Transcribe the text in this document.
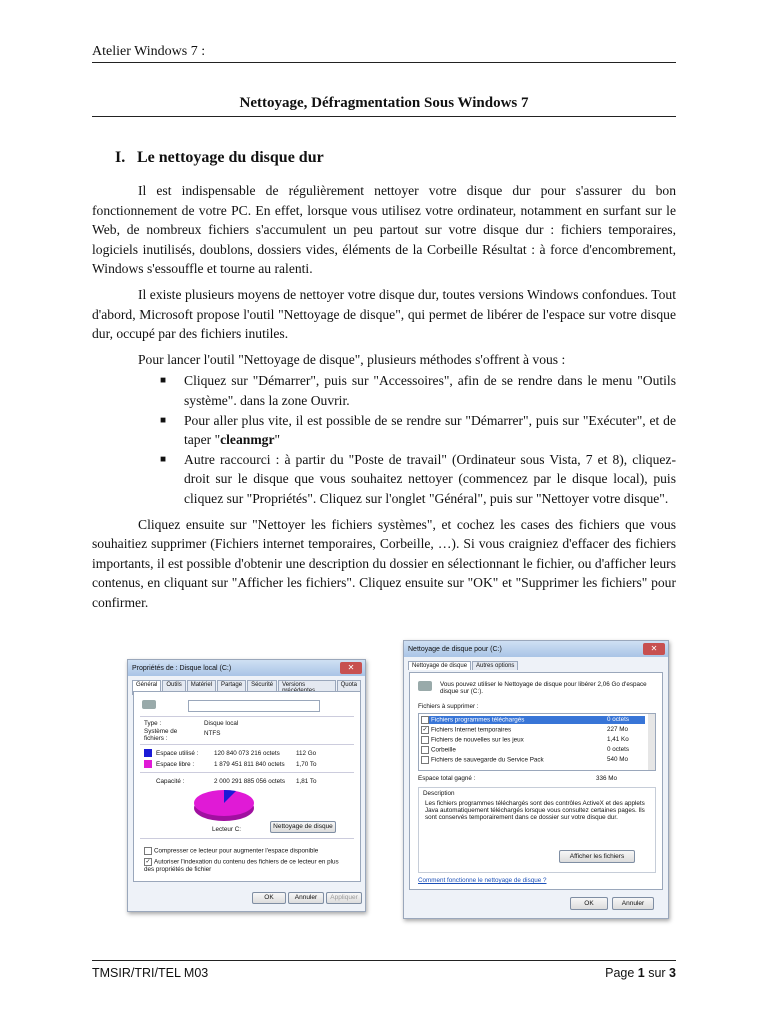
Atelier Windows 7 :
Nettoyage, Défragmentation Sous Windows 7
I. Le nettoyage du disque dur

Il est indispensable de régulièrement nettoyer votre disque dur pour s'assurer du bon fonctionnement de votre PC. En effet, lorsque vous utilisez votre ordinateur, notamment en surfant sur le Web, de nombreux fichiers s'accumulent un peu partout sur votre disque dur : fichiers temporaires, logiciels inutilisés, doublons, dossiers vides, éléments de la Corbeille Résultat : à force d'encombrement, Windows s'essouffle et tourne au ralenti.

Il existe plusieurs moyens de nettoyer votre disque dur, toutes versions Windows confondues. Tout d'abord, Microsoft propose l'outil "Nettoyage de disque", qui permet de libérer de l'espace sur votre disque dur, occupé par des fichiers inutiles.

Pour lancer l'outil "Nettoyage de disque", plusieurs méthodes s'offrent à vous :

■ Cliquez sur "Démarrer", puis sur "Accessoires", afin de se rendre dans le menu "Outils système". dans la zone Ouvrir.
■ Pour aller plus vite, il est possible de se rendre sur "Démarrer", puis sur "Exécuter", et de taper "cleanmgr"
■ Autre raccourci : à partir du "Poste de travail" (Ordinateur sous Vista, 7 et 8), cliquez-droit sur le disque que vous souhaitez nettoyer (commencez par le disque local), puis cliquez sur "Propriétés". Cliquez sur l'onglet "Général", puis sur "Nettoyer votre disque".

Cliquez ensuite sur "Nettoyer les fichiers systèmes", et cochez les cases des fichiers que vous souhaitiez supprimer (Fichiers internet temporaires, Corbeille, …). Si vous craigniez d'effacer des fichiers importants, il est possible d'obtenir une description du dossier en sélectionnant le fichier, ou d'afficher leurs contenus, en cliquant sur "Afficher les fichiers". Cliquez ensuite sur "OK" et "Supprimer les fichiers" pour confirmer.

Propriétés de : Disque local (C:)	✕
Général	Outils	Matériel	Partage	Sécurité	Versions	Quota
Type :	Disque local
Système de fichiers :
NTFS
Espace utilisé : 120 840 073 216 octets	112 Go
Espace libre :	1 879 451 811 840 octets 1,70 To
Capacité :	2 000 291 885 056 octets 1,81 To
Lecteur C:	Nettoyage de disque
Compresser ce lecteur pour augmenter l'espace disponible
✓ Autoriser l'indexation du contenu des fichiers de ce lecteur en plus des propriétés de fichier
OK	Annuler	Appliquer
Nettoyage de disque pour (C:)	✕
Nettoyage de disque	Autres options
Vous pouvez utiliser le Nettoyage de disque pour libérer 2,06 Go d'espace disque sur (C:).
Fichiers à supprimer :
✓ Fichiers programmes téléchargés	0 octets
✓ Fichiers Internet temporaires	227 Mo
Fichiers de nouvelles sur les jeux	1,41 Ko
Corbeille	0 octets
Fichiers de sauvegarde du Service Pack	540 Mo
Espace total gagné :	336 Mo
Description
Les fichiers programmes téléchargés sont des contrôles ActiveX et des applets Java automatiquement téléchargés lorsque vous consultez certaines pages. Ils sont conservés temporairement dans ce dossier sur votre disque dur.
Afficher les fichiers
Comment fonctionne le nettoyage de disque ?
OK	Annuler
TMSIR/TRI/TEL M03	Page 1 sur 3
